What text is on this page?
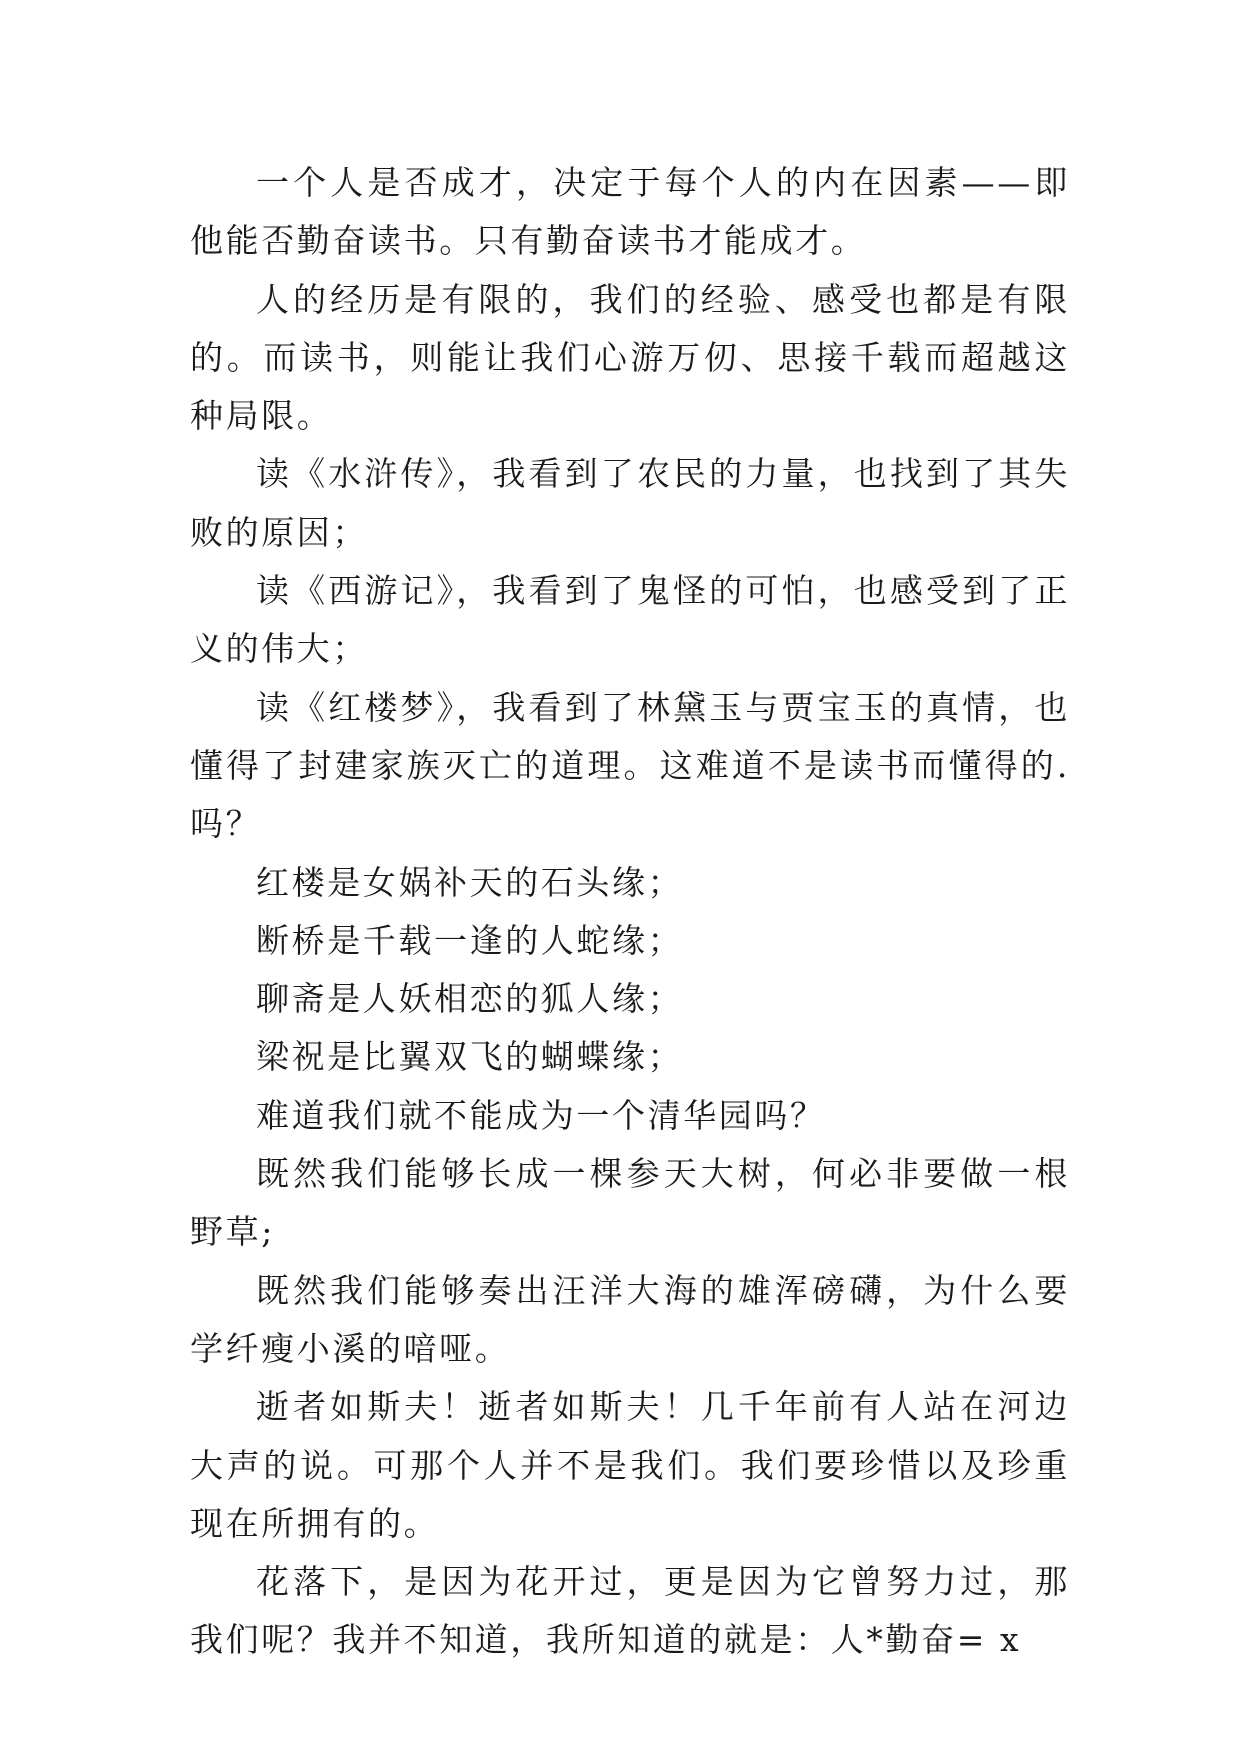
一个人是否成才，决定于每个人的内在因素——即他能否勤奋读书。只有勤奋读书才能成才。

人的经历是有限的，我们的经验、感受也都是有限的。而读书，则能让我们心游万仞、思接千载而超越这种局限。

读《水浒传》，我看到了农民的力量，也找到了其失败的原因；

读《西游记》，我看到了鬼怪的可怕，也感受到了正义的伟大；

读《红楼梦》，我看到了林黛玉与贾宝玉的真情，也懂得了封建家族灭亡的道理。这难道不是读书而懂得的.吗？

红楼是女娲补天的石头缘；

断桥是千载一逢的人蛇缘；

聊斋是人妖相恋的狐人缘；

梁祝是比翼双飞的蝴蝶缘；

难道我们就不能成为一个清华园吗？

既然我们能够长成一棵参天大树，何必非要做一根野草;

既然我们能够奏出汪洋大海的雄浑磅礴，为什么要学纤瘦小溪的喑哑。

逝者如斯夫！逝者如斯夫！几千年前有人站在河边大声的说。可那个人并不是我们。我们要珍惜以及珍重现在所拥有的。

花落下，是因为花开过，更是因为它曾努力过，那我们呢？我并不知道，我所知道的就是：人*勤奋= x
